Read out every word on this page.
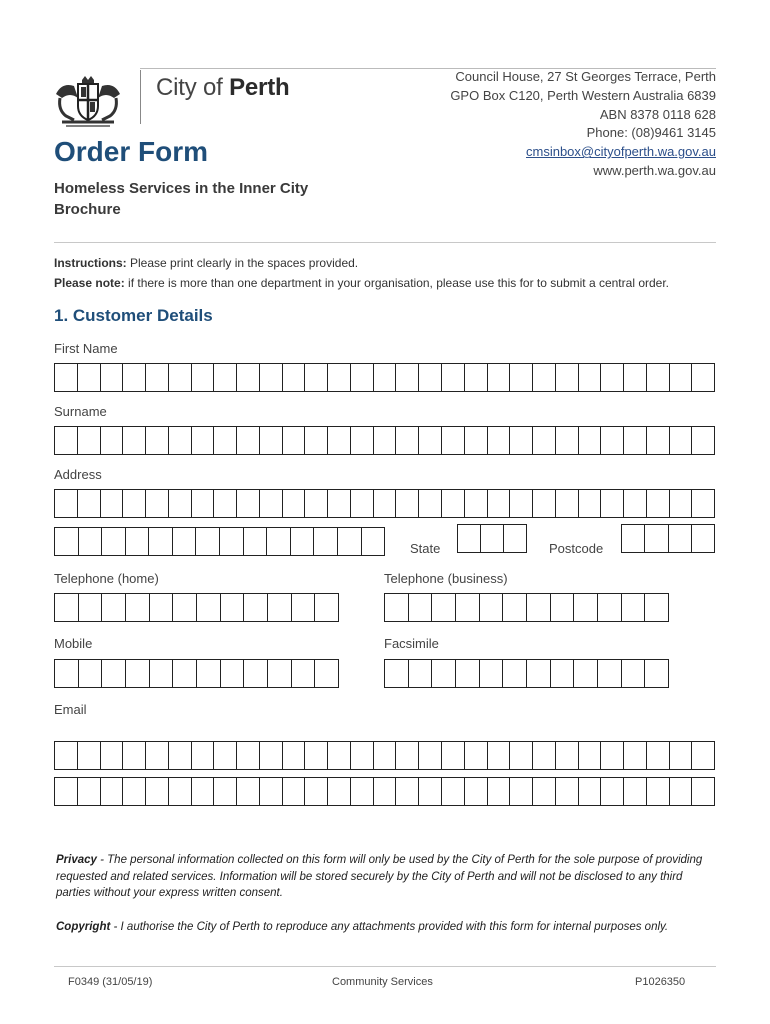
City of Perth	Council House, 27 St Georges Terrace, Perth
GPO Box C120, Perth Western Australia 6839
ABN 8378 0118 628
Phone: (08)9461 3145
cmsinbox@cityofperth.wa.gov.au
www.perth.wa.gov.au
Order Form
Homeless Services in the Inner City Brochure
Instructions: Please print clearly in the spaces provided.
Please note: if there is more than one department in your organisation, please use this for to submit a central order.
1. Customer Details
First Name
Surname
Address
State	Postcode
Telephone (home)	Telephone (business)
Mobile	Facsimile
Email
Privacy - The personal information collected on this form will only be used by the City of Perth for the sole purpose of providing requested and related services. Information will be stored securely by the City of Perth and will not be disclosed to any third parties without your express written consent.
Copyright - I authorise the City of Perth to reproduce any attachments provided with this form for internal purposes only.
F0349 (31/05/19)	Community Services	P1026350
